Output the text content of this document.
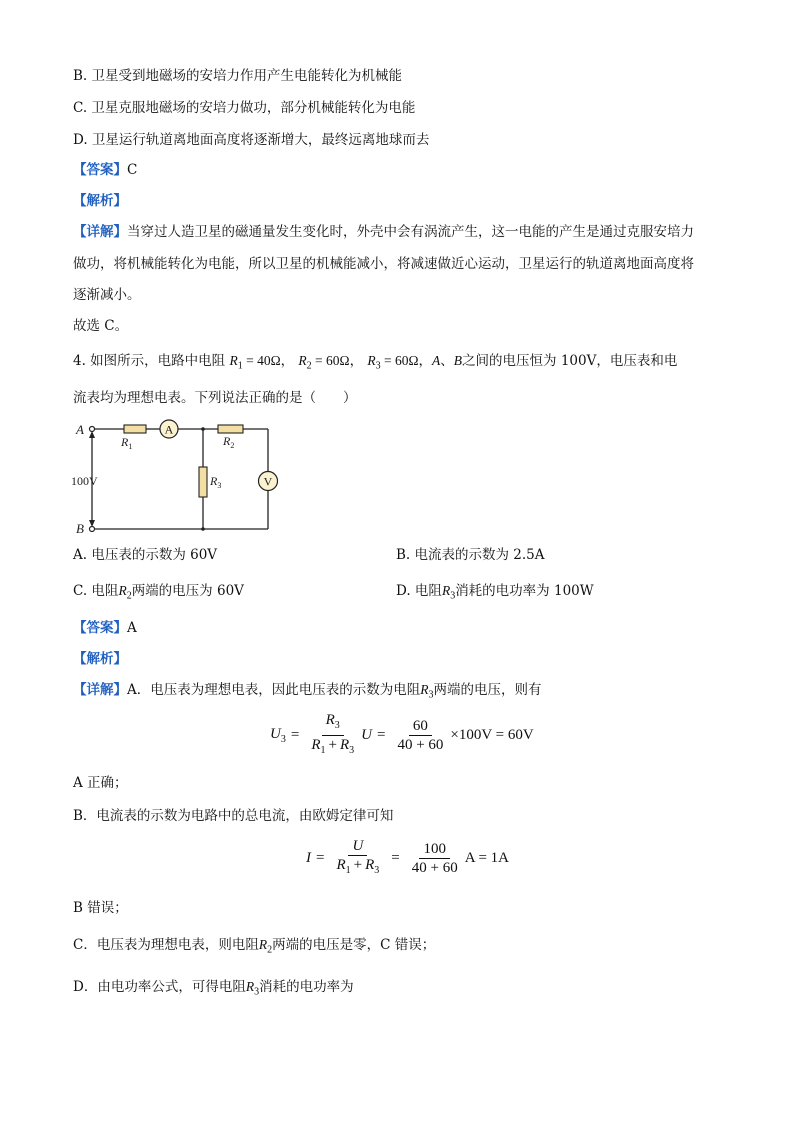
B. 卫星受到地磁场的安培力作用产生电能转化为机械能
C. 卫星克服地磁场的安培力做功，部分机械能转化为电能
D. 卫星运行轨道离地面高度将逐渐增大，最终远离地球而去
【答案】C
【解析】
【详解】当穿过人造卫星的磁通量发生变化时，外壳中会有涡流产生，这一电能的产生是通过克服安培力
做功，将机械能转化为电能，所以卫星的机械能减小，将减速做近心运动，卫星运行的轨道离地面高度将
逐渐减小。
故选 C。
4. 如图所示，电路中电阻 $R_1 = 40\Omega$， $R_2 = 60\Omega$， $R_3 = 60\Omega$，A、B之间的电压恒为 100V，电压表和电
流表均为理想电表。下列说法正确的是（　　）
A
V
A
B
100V
$R_1$	$R_2$
$R_3$
A. 电压表的示数为 60V	B. 电流表的示数为 2.5A
C. 电阻$R_2$两端的电压为 60V	D. 电阻$R_3$消耗的电功率为 100W
【答案】A
【解析】
【详解】A．电压表为理想电表，因此电压表的示数为电阻$R_3$两端的电压，则有
$U_3 = \frac{R_3}{R_1 + R_3}$ $U = \frac{60}{40 + 60} \times 100V = 60V$
A 正确；
B．电流表的示数为电路中的总电流，由欧姆定律可知
$I = \frac{U}{R_1 + R_3} = \frac{100}{40 + 60}$ A = 1A
B 错误；
C．电压表为理想电表，则电阻$R_2$两端的电压是零，C 错误；
D．由电功率公式，可得电阻$R_3$消耗的电功率为
